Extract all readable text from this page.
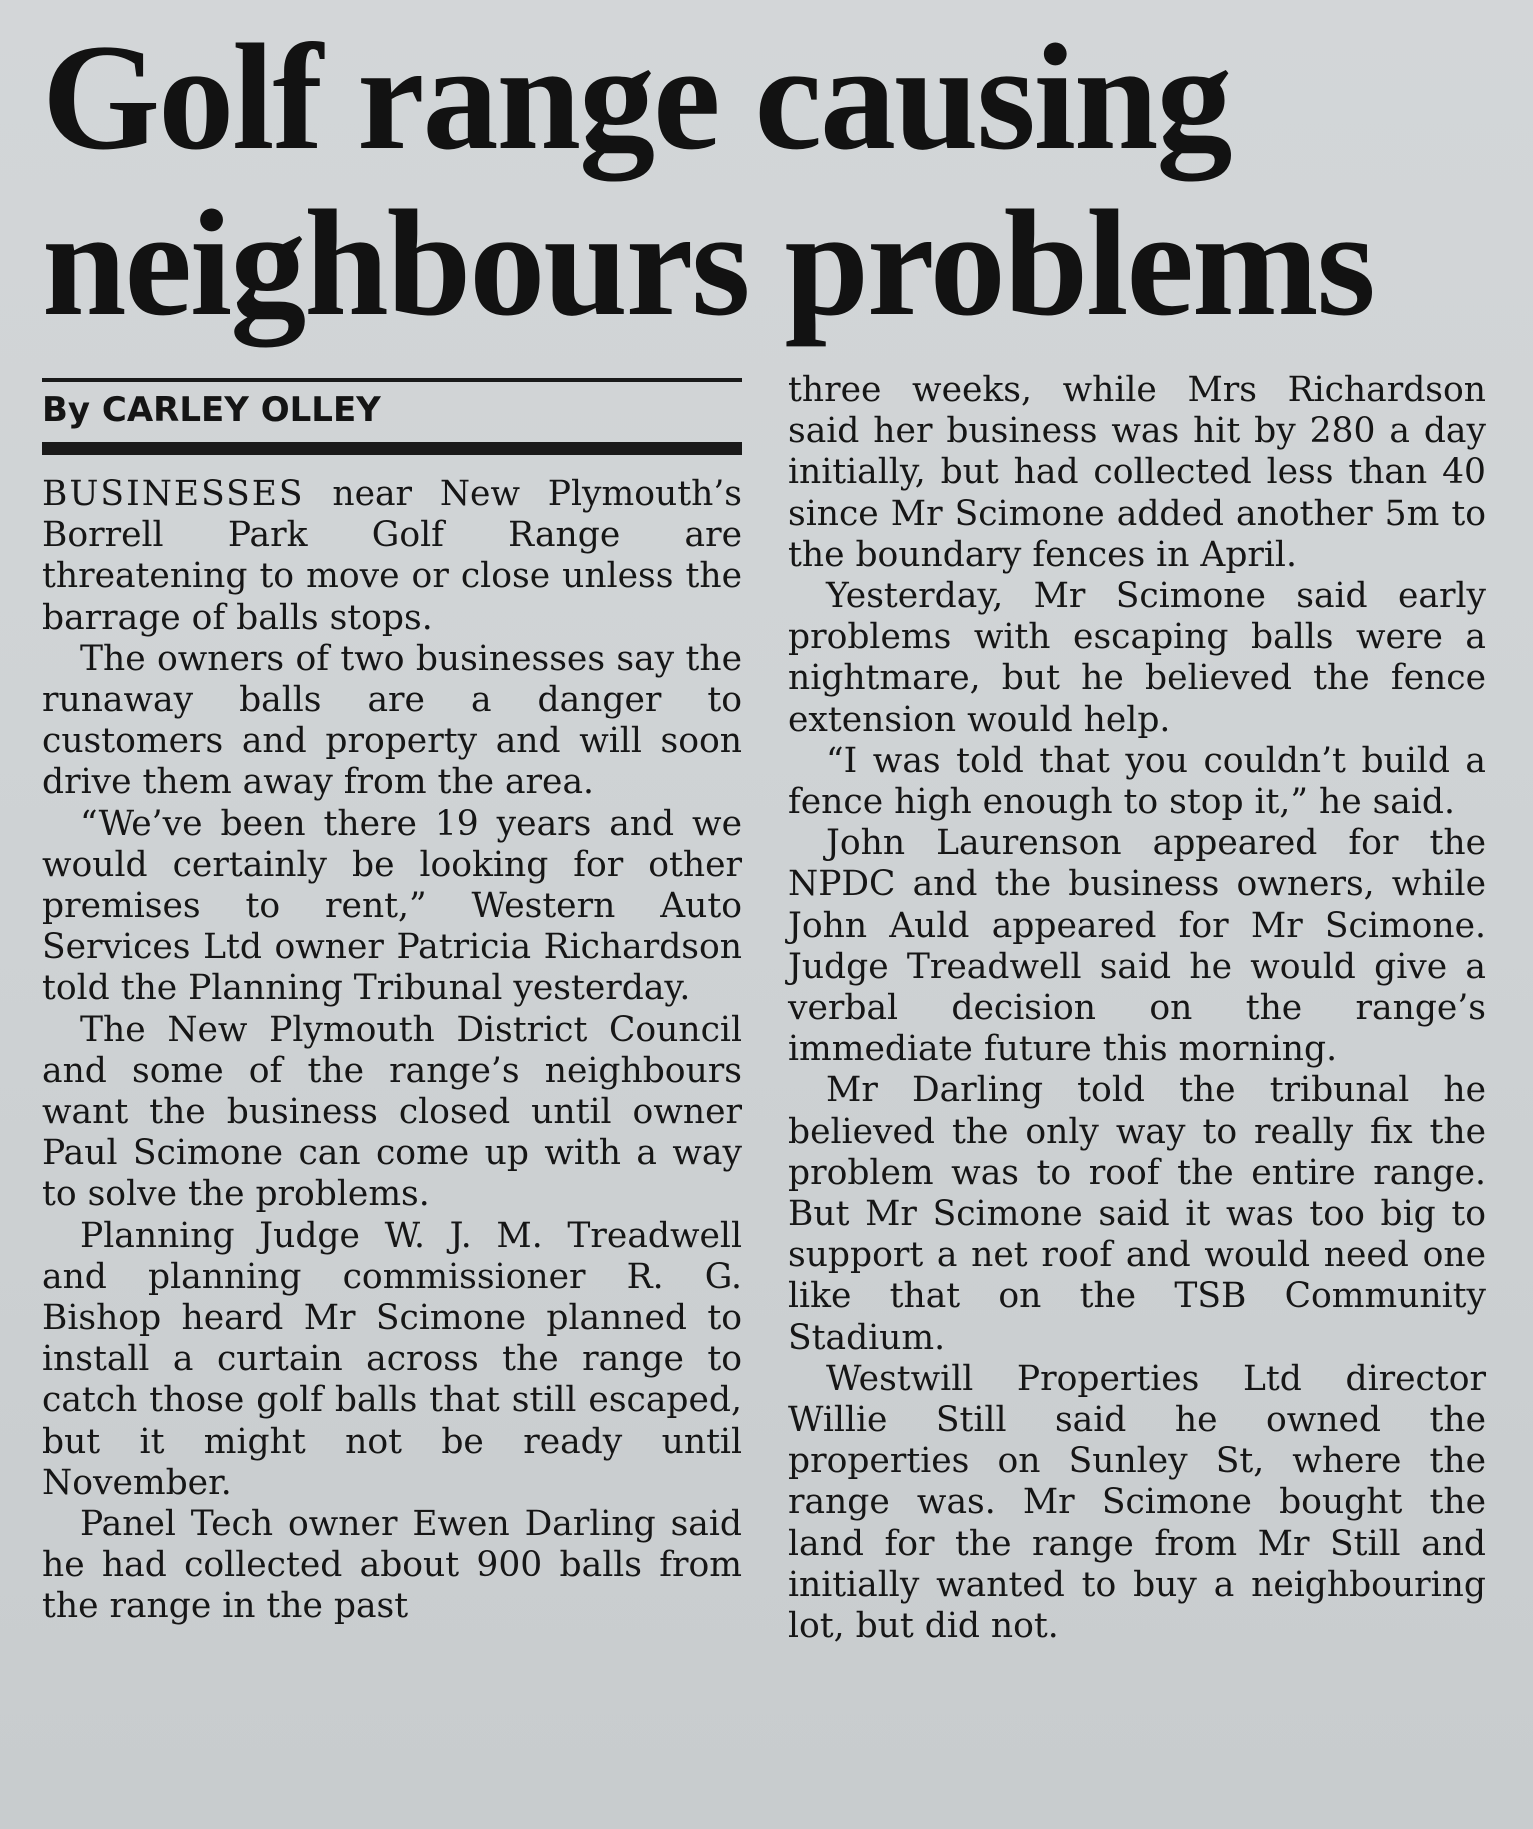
Golf range causing
neighbours problems
By CARLEY OLLEY

BUSINESSES near New Plymouth’s Borrell Park Golf Range are threatening to move or close unless the barrage of balls stops.

The owners of two businesses say the runaway balls are a danger to customers and property and will soon drive them away from the area.

“We’ve been there 19 years and we would certainly be looking for other premises to rent,” Western Auto Services Ltd owner Patricia Richardson told the Planning Tribunal yesterday.

The New Plymouth District Council and some of the range’s neighbours want the business closed until owner Paul Scimone can come up with a way to solve the problems.

Planning Judge W. J. M. Treadwell and planning commissioner R. G. Bishop heard Mr Scimone planned to install a curtain across the range to catch those golf balls that still escaped, but it might not be ready until November.

Panel Tech owner Ewen Darling said he had collected about 900 balls from the range in the past

three weeks, while Mrs Richardson said her business was hit by 280 a day initially, but had collected less than 40 since Mr Scimone added another 5m to the boundary fences in April.

Yesterday, Mr Scimone said early problems with escaping balls were a nightmare, but he believed the fence extension would help.

“I was told that you couldn’t build a fence high enough to stop it,” he said.

John Laurenson appeared for the NPDC and the business owners, while John Auld appeared for Mr Scimone. Judge Treadwell said he would give a verbal decision on the range’s immediate future this morning.

Mr Darling told the tribunal he believed the only way to really fix the problem was to roof the entire range. But Mr Scimone said it was too big to support a net roof and would need one like that on the TSB Community Stadium.

Westwill Properties Ltd director Willie Still said he owned the properties on Sunley St, where the range was. Mr Scimone bought the land for the range from Mr Still and initially wanted to buy a neighbouring lot, but did not.
